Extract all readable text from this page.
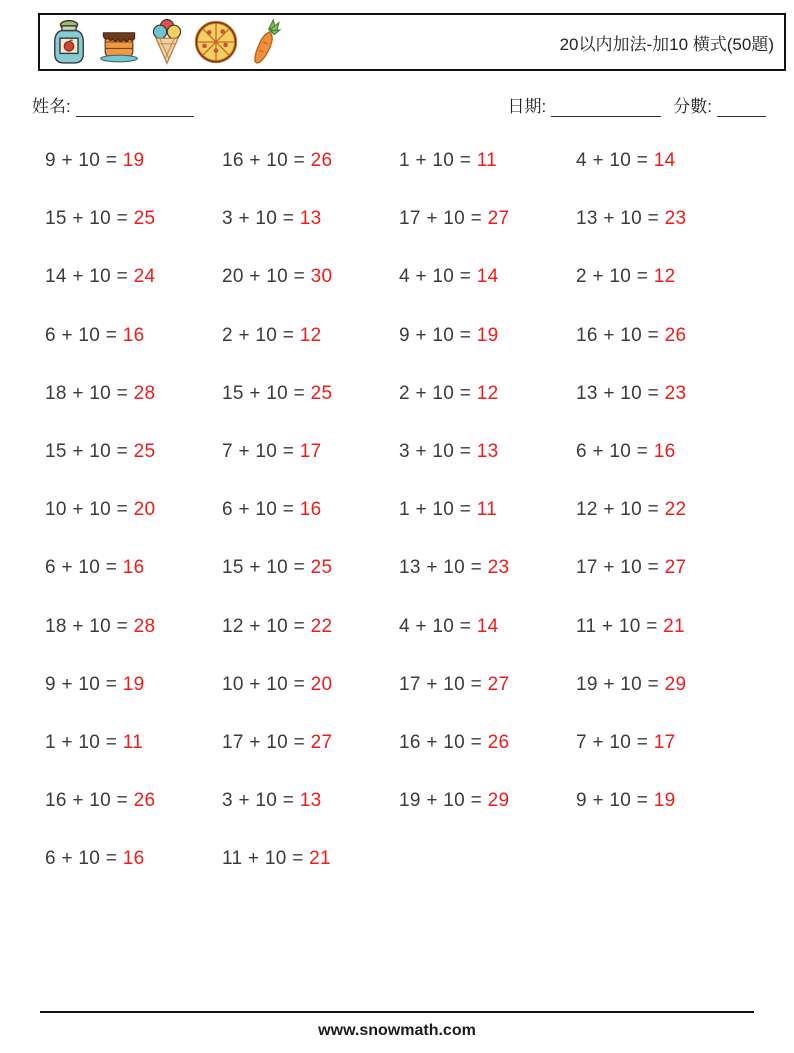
20以内加法-加10 横式(50題)
姓名:	日期:	分數:
9 + 10 = 19	16 + 10 = 26	1 + 10 = 11	4 + 10 = 14
15 + 10 = 25	3 + 10 = 13	17 + 10 = 27	13 + 10 = 23
14 + 10 = 24	20 + 10 = 30	4 + 10 = 14	2 + 10 = 12
6 + 10 = 16	2 + 10 = 12	9 + 10 = 19	16 + 10 = 26
18 + 10 = 28	15 + 10 = 25	2 + 10 = 12	13 + 10 = 23
15 + 10 = 25	7 + 10 = 17	3 + 10 = 13	6 + 10 = 16
10 + 10 = 20	6 + 10 = 16	1 + 10 = 11	12 + 10 = 22
6 + 10 = 16	15 + 10 = 25	13 + 10 = 23	17 + 10 = 27
18 + 10 = 28	12 + 10 = 22	4 + 10 = 14	11 + 10 = 21
9 + 10 = 19	10 + 10 = 20	17 + 10 = 27	19 + 10 = 29
1 + 10 = 11	17 + 10 = 27	16 + 10 = 26	7 + 10 = 17
16 + 10 = 26	3 + 10 = 13	19 + 10 = 29	9 + 10 = 19
6 + 10 = 16	11 + 10 = 21
www.snowmath.com
